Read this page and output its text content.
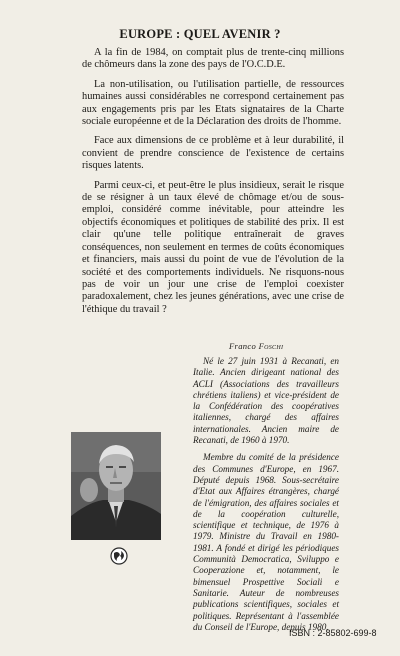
EUROPE : QUEL AVENIR ?

A la fin de 1984, on comptait plus de trente-cinq millions de chômeurs dans la zone des pays de l'O.C.D.E.

La non-utilisation, ou l'utilisation partielle, de ressources humaines aussi considérables ne correspond certainement pas aux engagements pris par les Etats signataires de la Charte sociale européenne et de la Déclaration des droits de l'homme.

Face aux dimensions de ce problème et à leur durabilité, il convient de prendre conscience de l'existence de certains risques latents.

Parmi ceux-ci, et peut-être le plus insidieux, serait le risque de se résigner à un taux élevé de chômage et/ou de sous-emploi, considéré comme inévitable, pour atteindre les objectifs économiques et politiques de stabilité des prix. Il est clair qu'une telle politique entraînerait de graves conséquences, non seulement en termes de coûts économiques et financiers, mais aussi du point de vue de l'évolution de la société et des comportements individuels. Ne risquons-nous pas de voir un jour une crise de l'emploi coexister paradoxalement, chez les jeunes générations, avec une crise de l'éthique du travail ?

Franco Foschi

Né le 27 juin 1931 à Recanati, en Italie. Ancien dirigeant national des ACLI (Associations des travailleurs chrétiens italiens) et vice-président de la Confédération des coopératives italiennes, chargé des affaires internationales. Ancien maire de Recanati, de 1960 à 1970.

Membre du comité de la présidence des Communes d'Europe, en 1967. Député depuis 1968. Sous-secrétaire d'Etat aux Affaires étrangères, chargé de l'émigration, des affaires sociales et de la coopération culturelle, scientifique et technique, de 1976 à 1979. Ministre du Travail en 1980-1981. A fondé et dirigé les périodiques Communità Democratica, Sviluppo e Cooperazione et, notamment, le bimensuel Prospettive Sociali e Sanitarie. Auteur de nombreuses publications scientifiques, sociales et politiques. Représentant à l'assemblée du Conseil de l'Europe, depuis 1980.

ISBN : 2-85802-699-8
